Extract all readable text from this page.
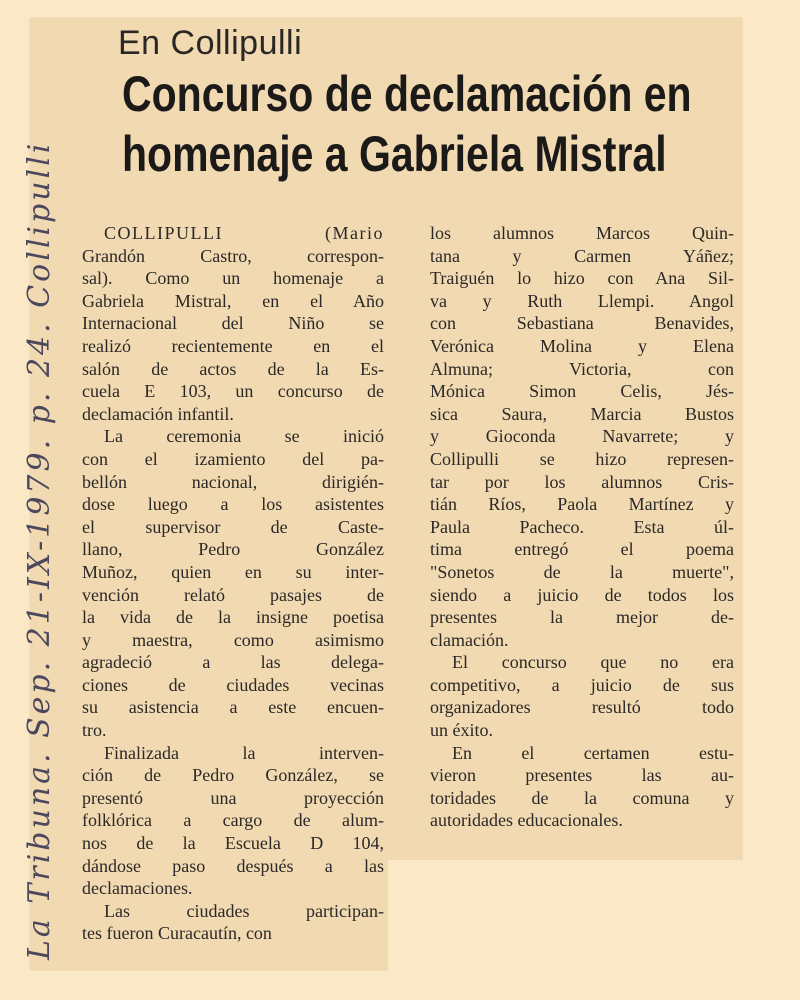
En Collipulli
Concurso de declamación en
homenaje a Gabriela Mistral
COLLIPULLI (Mario
Grandón Castro, correspon-
sal). Como un homenaje a
Gabriela Mistral, en el Año
Internacional del Niño se
realizó recientemente en el
salón de actos de la Es-
cuela E 103, un concurso de
declamación infantil.
La ceremonia se inició
con el izamiento del pa-
bellón nacional, dirigién-
dose luego a los asistentes
el supervisor de Caste-
llano, Pedro González
Muñoz, quien en su inter-
vención relató pasajes de
la vida de la insigne poetisa
y maestra, como asimismo
agradeció a las delega-
ciones de ciudades vecinas
su asistencia a este encuen-
tro.
Finalizada la interven-
ción de Pedro González, se
presentó una proyección
folklórica a cargo de alum-
nos de la Escuela D 104,
dándose paso después a las
declamaciones.
Las ciudades participan-
tes fueron Curacautín, con
los alumnos Marcos Quin-
tana y Carmen Yáñez;
Traiguén lo hizo con Ana Sil-
va y Ruth Llempi. Angol
con Sebastiana Benavides,
Verónica Molina y Elena
Almuna; Victoria, con
Mónica Simon Celis, Jés-
sica Saura, Marcia Bustos
y Gioconda Navarrete; y
Collipulli se hizo represen-
tar por los alumnos Cris-
tián Ríos, Paola Martínez y
Paula Pacheco. Esta úl-
tima entregó el poema
"Sonetos de la muerte",
siendo a juicio de todos los
presentes la mejor de-
clamación.
El concurso que no era
competitivo, a juicio de sus
organizadores resultó todo
un éxito.
En el certamen estu-
vieron presentes las au-
toridades de la comuna y
autoridades educacionales.
La Tribuna. Sep. 21-IX-1979. p. 24. Collipulli
